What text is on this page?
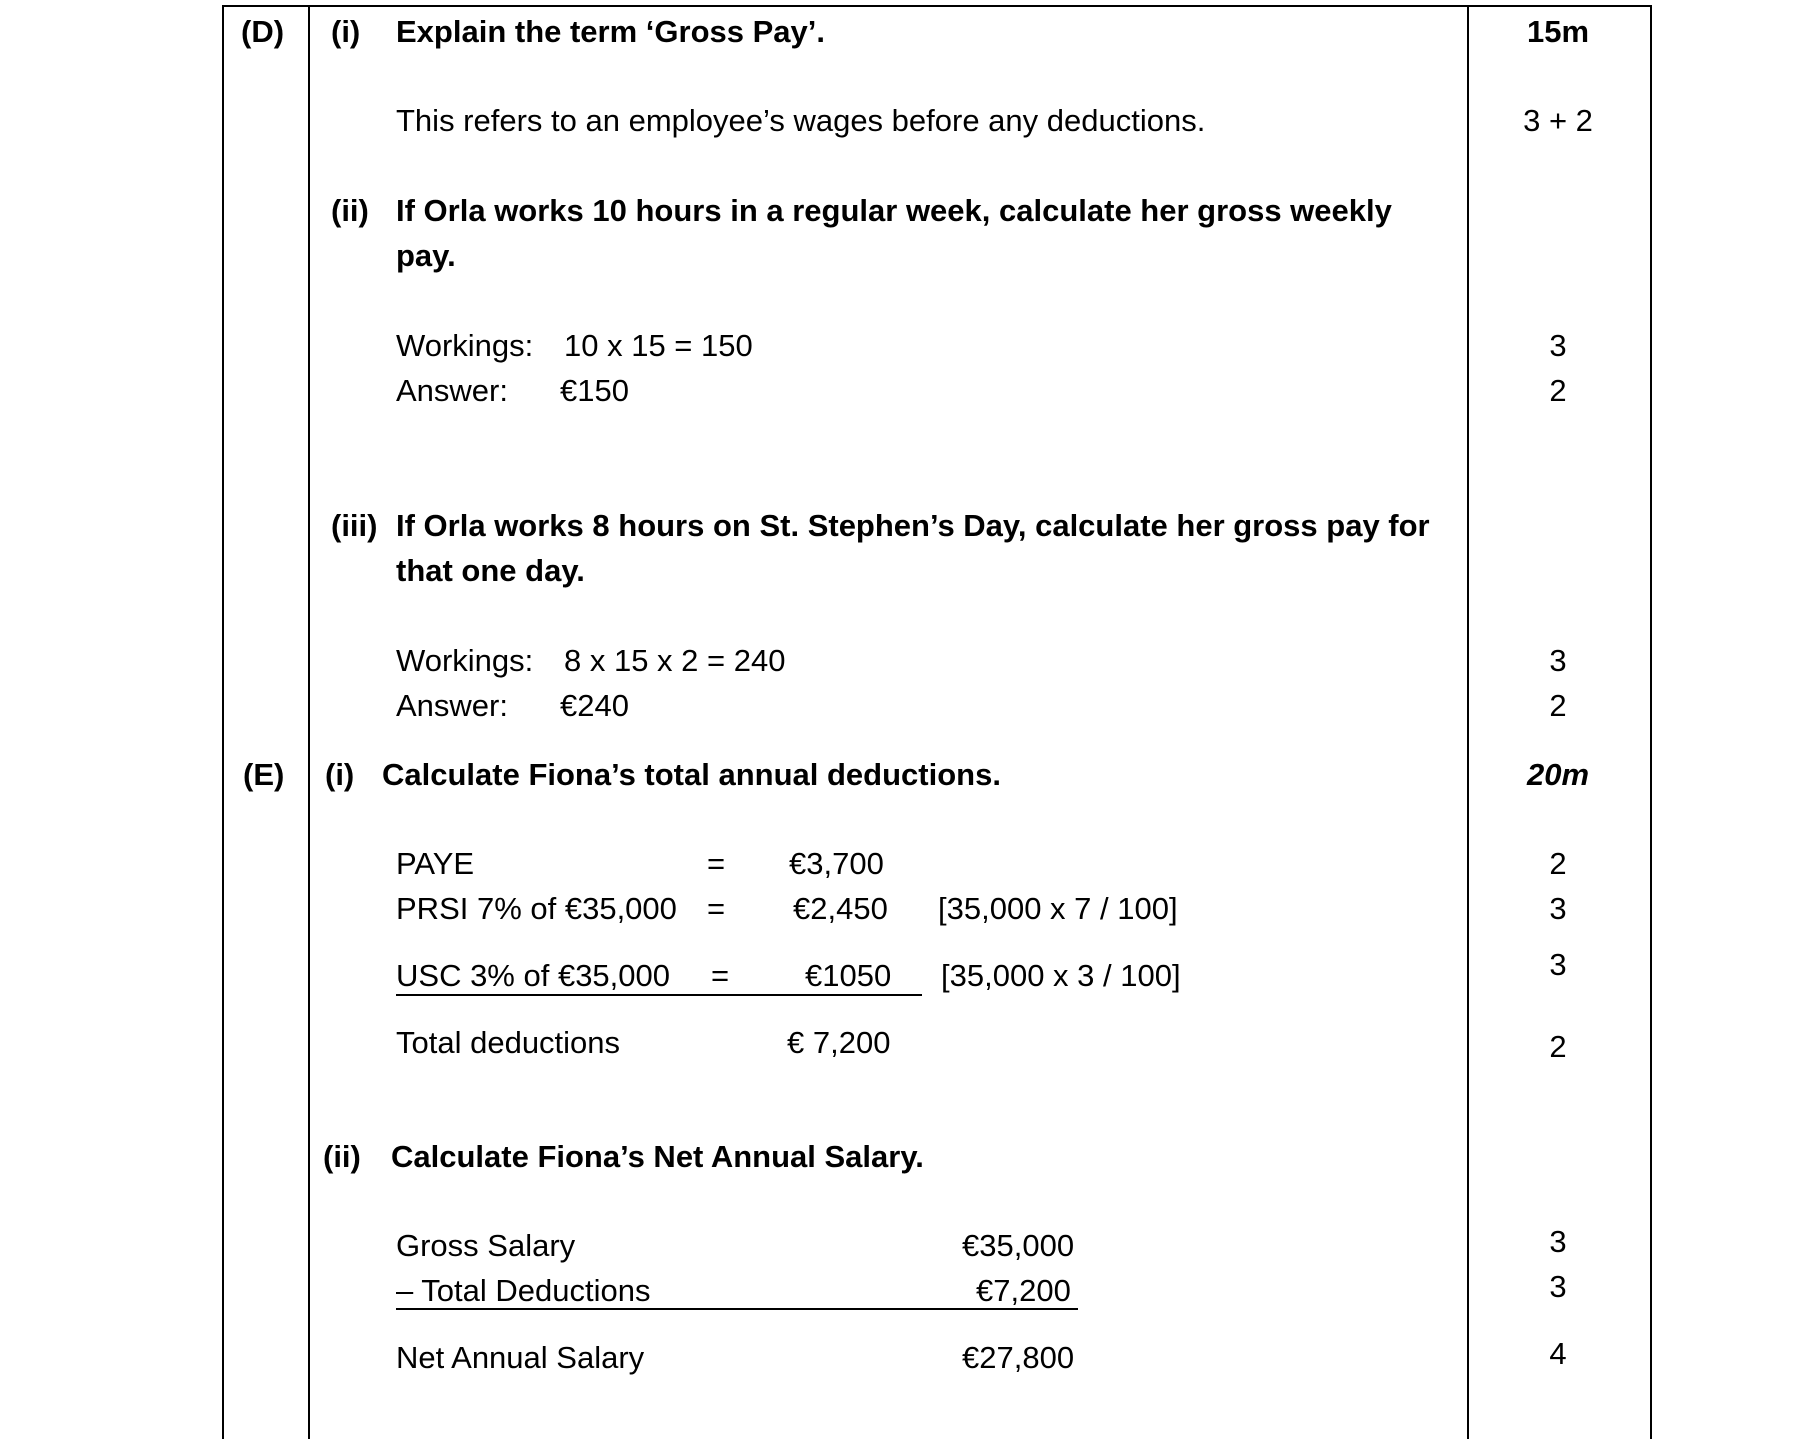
(D) (i) Explain the term ‘Gross Pay’.	15m
This refers to an employee’s wages before any deductions.	3 + 2
(ii) If Orla works 10 hours in a regular week, calculate her gross weekly
pay.
Workings: 10 x 15 = 150	3
Answer: €150	2
(iii) If Orla works 8 hours on St. Stephen’s Day, calculate her gross pay for
that one day.
Workings: 8 x 15 x 2 = 240	3
Answer: €240	2
(E) (i) Calculate Fiona’s total annual deductions.	20m
PAYE	= €3,700	2
PRSI 7% of €35,000 = €2,450 [35,000 x 7 / 100]	3
USC 3% of €35,000 = €1050 [35,000 x 3 / 100]	3
Total deductions	€ 7,200	2
(ii) Calculate Fiona’s Net Annual Salary.
Gross Salary	€35,000	3
– Total Deductions	€7,200	3
Net Annual Salary	€27,800	4
